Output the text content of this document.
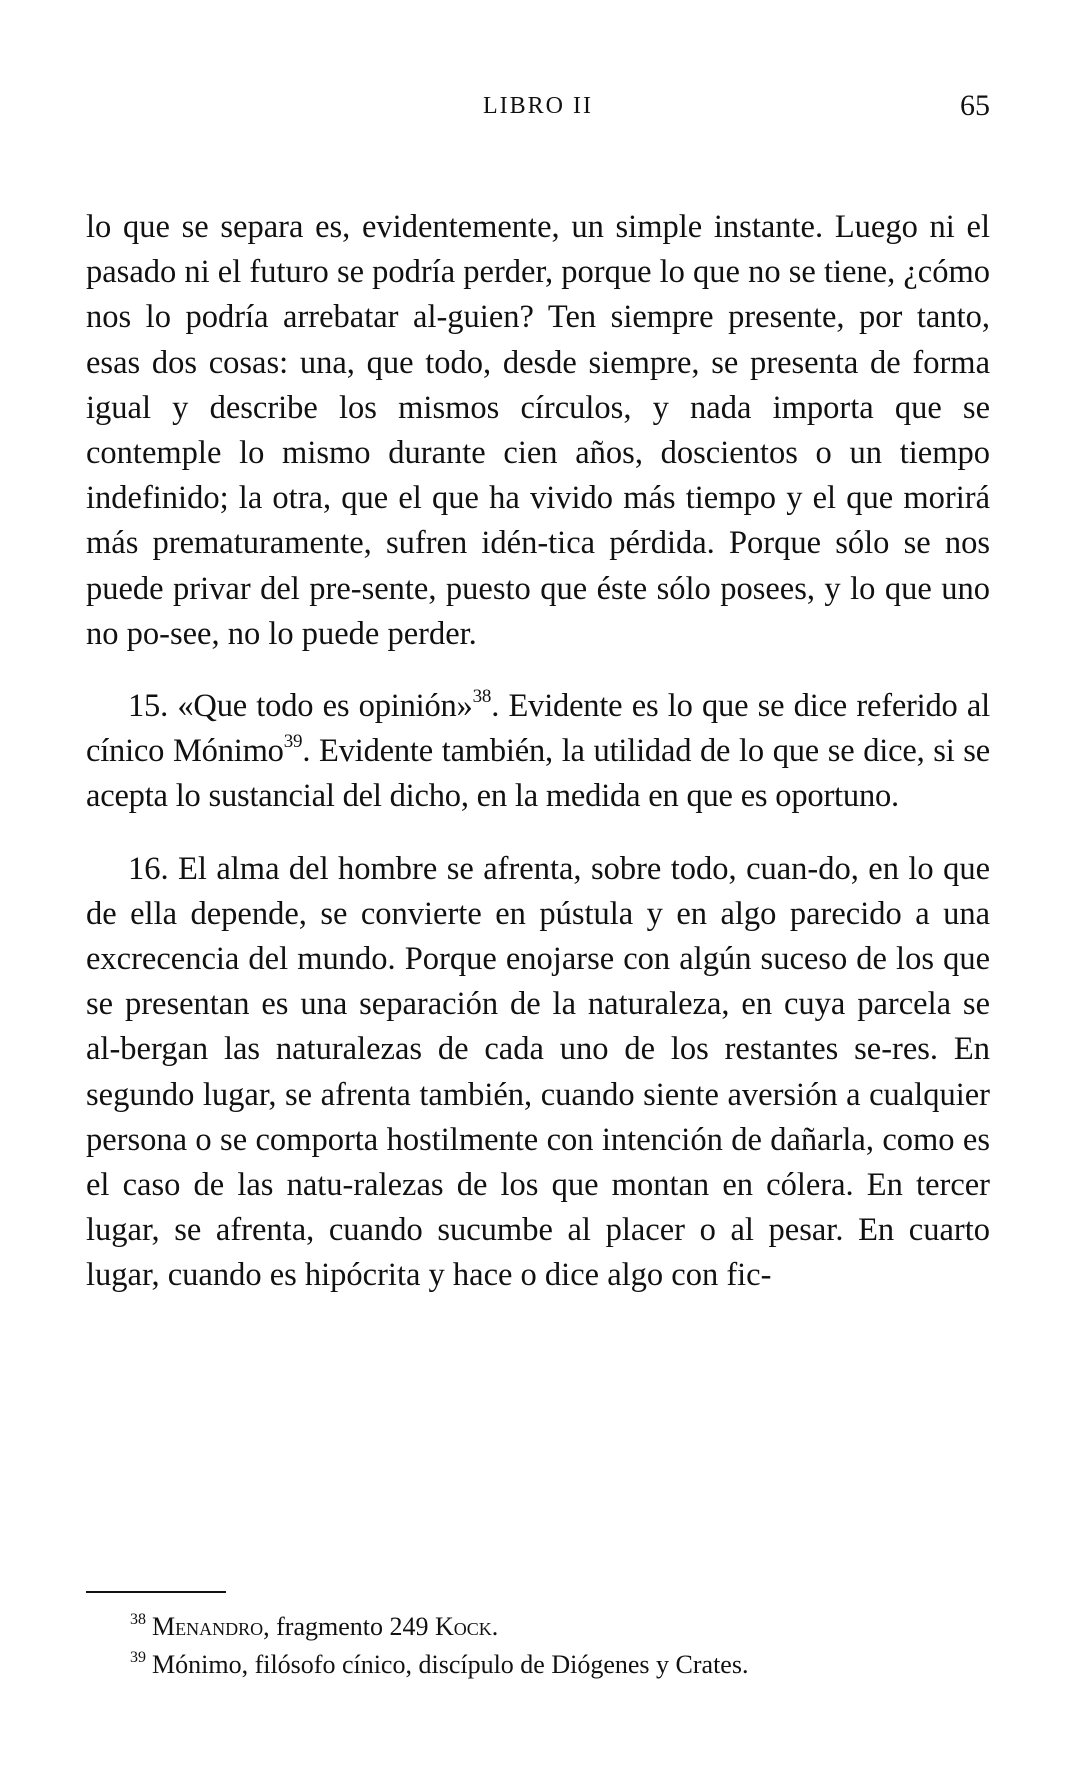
LIBRO II	65

lo que se separa es, evidentemente, un simple instante. Luego ni el pasado ni el futuro se podría perder, porque lo que no se tiene, ¿cómo nos lo podría arrebatar al-guien? Ten siempre presente, por tanto, esas dos cosas: una, que todo, desde siempre, se presenta de forma igual y describe los mismos círculos, y nada importa que se contemple lo mismo durante cien años, doscientos o un tiempo indefinido; la otra, que el que ha vivido más tiempo y el que morirá más prematuramente, sufren idén-tica pérdida. Porque sólo se nos puede privar del pre-sente, puesto que éste sólo posees, y lo que uno no po-see, no lo puede perder.

15. «Que todo es opinión»$^{38}$. Evidente es lo que se dice referido al cínico Mónimo$^{39}$. Evidente también, la utilidad de lo que se dice, si se acepta lo sustancial del dicho, en la medida en que es oportuno.

16. El alma del hombre se afrenta, sobre todo, cuan-do, en lo que de ella depende, se convierte en pústula y en algo parecido a una excrecencia del mundo. Porque enojarse con algún suceso de los que se presentan es una separación de la naturaleza, en cuya parcela se al-bergan las naturalezas de cada uno de los restantes se-res. En segundo lugar, se afrenta también, cuando siente aversión a cualquier persona o se comporta hostilmente con intención de dañarla, como es el caso de las natu-ralezas de los que montan en cólera. En tercer lugar, se afrenta, cuando sucumbe al placer o al pesar. En cuarto lugar, cuando es hipócrita y hace o dice algo con fic-

$^{38}$ Menandro, fragmento 249 Kock.
$^{39}$ Mónimo, filósofo cínico, discípulo de Diógenes y Crates.
